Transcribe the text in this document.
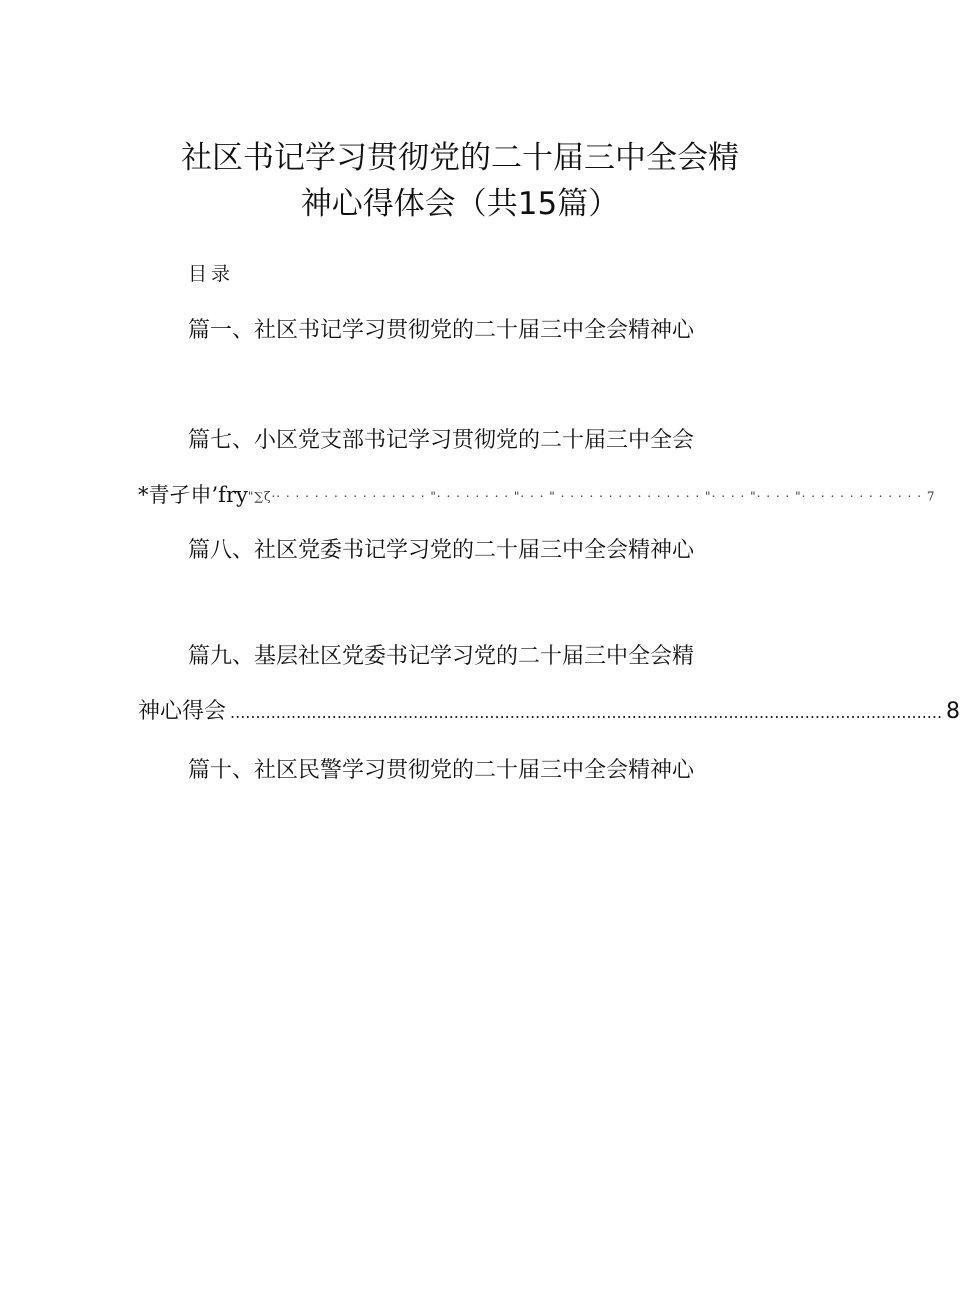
社区书记学习贯彻党的二十届三中全会精
神心得体会（共15篇）
目录
篇一、社区书记学习贯彻党的二十届三中全会精神心
篇七、小区党支部书记学习贯彻党的二十届三中全会
*青孑申’fry"∑ζ·· · · · · · · · · · · · · · · · "· · · · · · · · "· · · " · · · · · · · · · · · · · · · "· · · · "· · · · "· · · · · · · · · · · · · 7
篇八、社区党委书记学习党的二十届三中全会精神心
篇九、基层社区党委书记学习党的二十届三中全会精
神心得会 ............................................................................................................................................ 8
篇十、社区民警学习贯彻党的二十届三中全会精神心
